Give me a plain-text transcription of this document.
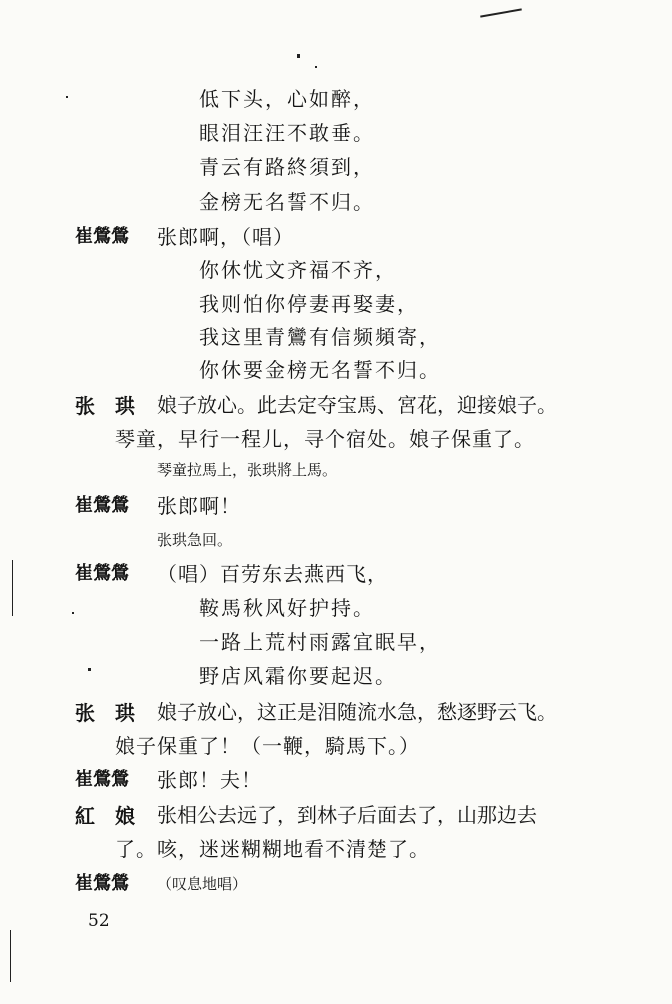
低下头，心如醉，
眼泪汪汪不敢垂。
青云有路終須到，
金榜无名誓不归。
崔鶯鶯 张郎啊，（唱）
你休忧文齐福不齐，
我则怕你停妻再娶妻，
我这里青鸞有信频頻寄，
你休要金榜无名誓不归。
张　珙 娘子放心。此去定夺宝馬、宮花，迎接娘子。
琴童，早行一程儿，寻个宿处。娘子保重了。
琴童拉馬上，张珙將上馬。
崔鶯鶯 张郎啊！
张珙急回。
崔鶯鶯 （唱）百劳东去燕西飞，
鞍馬秋风好护持。
一路上荒村雨露宜眠早，
野店风霜你要起迟。
张　珙 娘子放心，这正是泪随流水急，愁逐野云飞。
娘子保重了！（一鞭，騎馬下。）
崔鶯鶯 张郎！夫！
紅　娘 张相公去远了，到林子后面去了，山那边去
了。咳，迷迷糊糊地看不清楚了。
崔鶯鶯 （叹息地唱）
52
